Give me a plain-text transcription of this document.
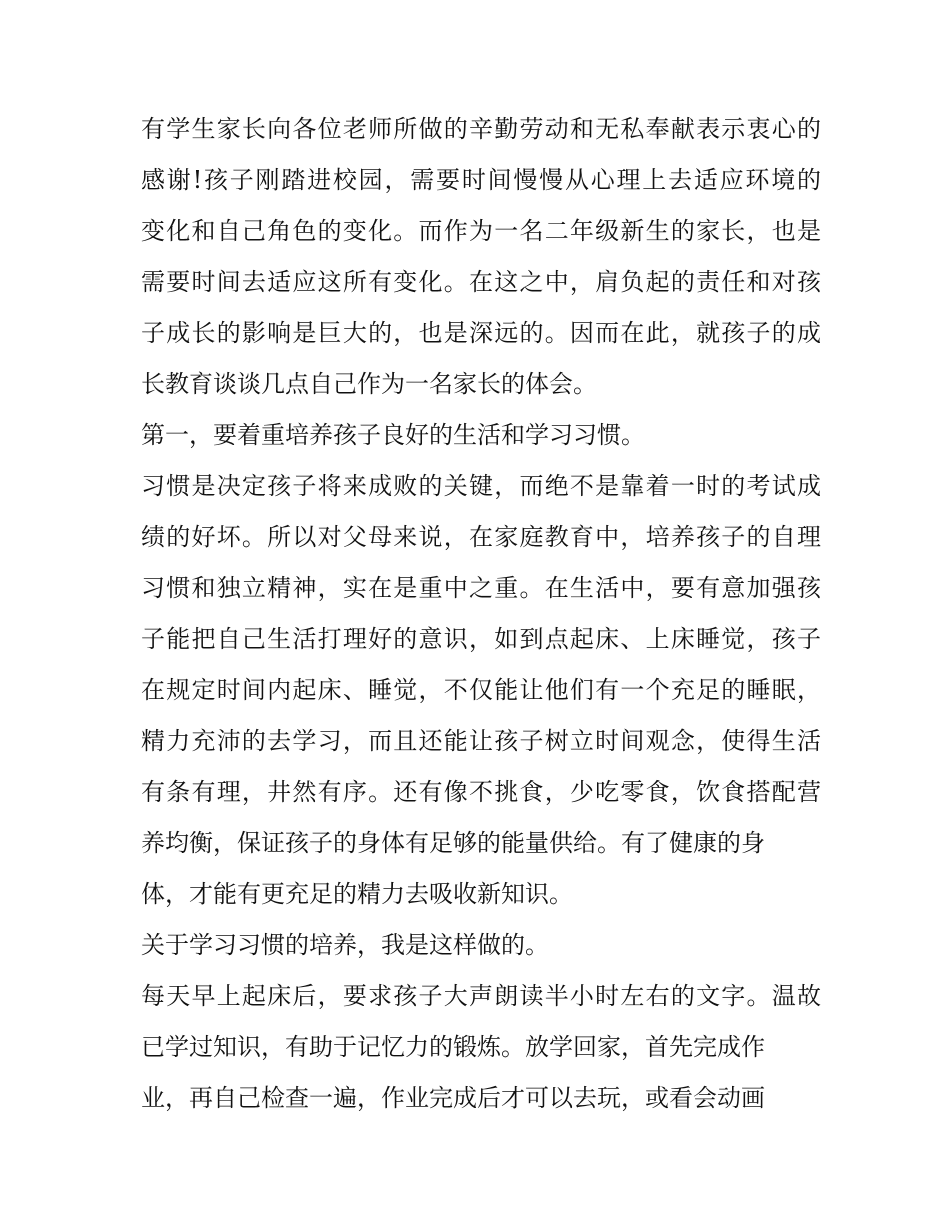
有学生家长向各位老师所做的辛勤劳动和无私奉献表示衷心的
感谢!孩子刚踏进校园，需要时间慢慢从心理上去适应环境的
变化和自己角色的变化。而作为一名二年级新生的家长，也是
需要时间去适应这所有变化。在这之中，肩负起的责任和对孩
子成长的影响是巨大的，也是深远的。因而在此，就孩子的成
长教育谈谈几点自己作为一名家长的体会。
第一，要着重培养孩子良好的生活和学习习惯。
习惯是决定孩子将来成败的关键，而绝不是靠着一时的考试成
绩的好坏。所以对父母来说，在家庭教育中，培养孩子的自理
习惯和独立精神，实在是重中之重。在生活中，要有意加强孩
子能把自己生活打理好的意识，如到点起床、上床睡觉，孩子
在规定时间内起床、睡觉，不仅能让他们有一个充足的睡眠，
精力充沛的去学习，而且还能让孩子树立时间观念，使得生活
有条有理，井然有序。还有像不挑食，少吃零食，饮食搭配营
养均衡，保证孩子的身体有足够的能量供给。有了健康的身
体，才能有更充足的精力去吸收新知识。
关于学习习惯的培养，我是这样做的。
每天早上起床后，要求孩子大声朗读半小时左右的文字。温故
已学过知识，有助于记忆力的锻炼。放学回家，首先完成作
业，再自己检查一遍，作业完成后才可以去玩，或看会动画
